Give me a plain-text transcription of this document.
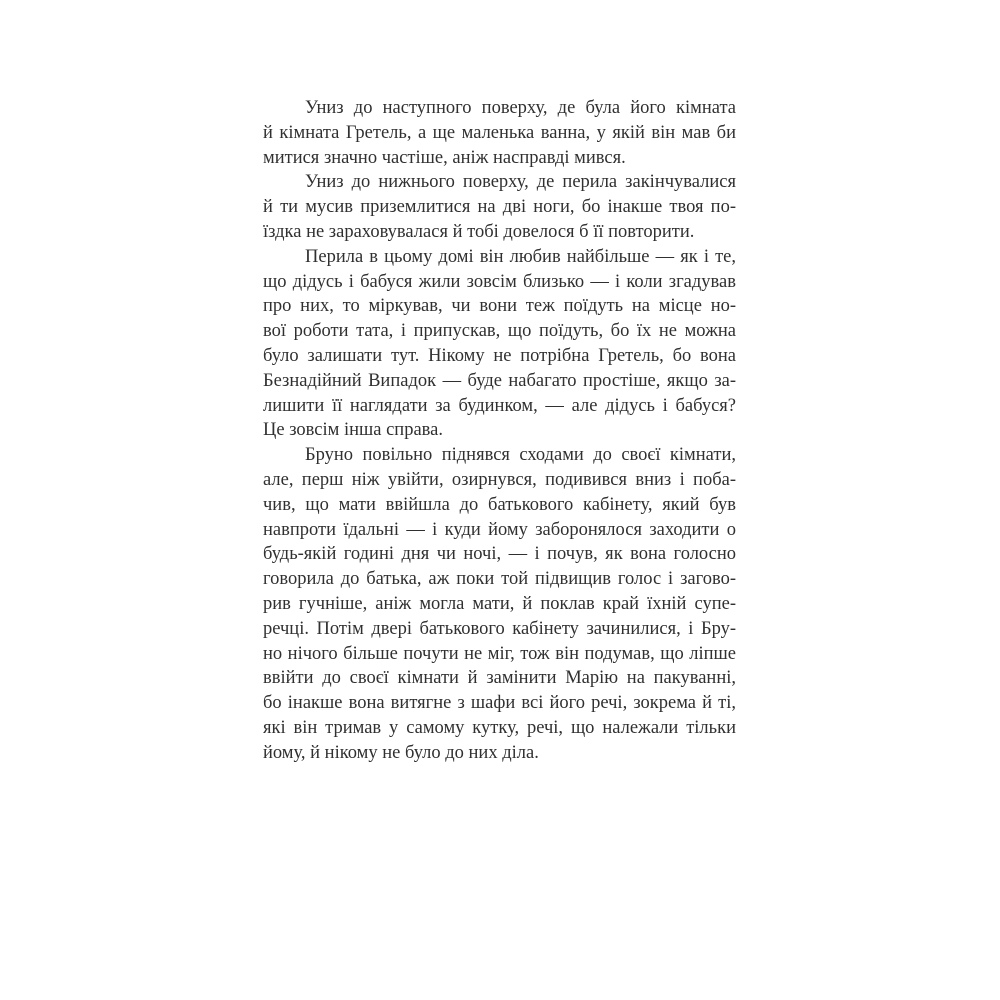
Униз до наступного поверху, де була його кімната
й кімната Гретель, а ще маленька ванна, у якій він мав би
митися значно частіше, аніж насправді мився.

Униз до нижнього поверху, де перила закінчувалися
й ти мусив приземлитися на дві ноги, бо інакше твоя по-
їздка не зараховувалася й тобі довелося б її повторити.

Перила в цьому домі він любив найбільше — як і те,
що дідусь і бабуся жили зовсім близько — і коли згадував
про них, то міркував, чи вони теж поїдуть на місце но-
вої роботи тата, і припускав, що поїдуть, бо їх не можна
було залишати тут. Нікому не потрібна Гретель, бо вона
Безнадійний Випадок — буде набагато простіше, якщо за-
лишити її наглядати за будинком, — але дідусь і бабуся?
Це зовсім інша справа.

Бруно повільно піднявся сходами до своєї кімнати,
але, перш ніж увійти, озирнувся, подивився вниз і поба-
чив, що мати ввійшла до батькового кабінету, який був
навпроти їдальні — і куди йому заборонялося заходити о
будь-якій годині дня чи ночі, — і почув, як вона голосно
говорила до батька, аж поки той підвищив голос і загово-
рив гучніше, аніж могла мати, й поклав край їхній супе-
речці. Потім двері батькового кабінету зачинилися, і Бру-
но нічого більше почути не міг, тож він подумав, що ліпше
ввійти до своєї кімнати й замінити Марію на пакуванні,
бо інакше вона витягне з шафи всі його речі, зокрема й ті,
які він тримав у самому кутку, речі, що належали тільки
йому, й нікому не було до них діла.
